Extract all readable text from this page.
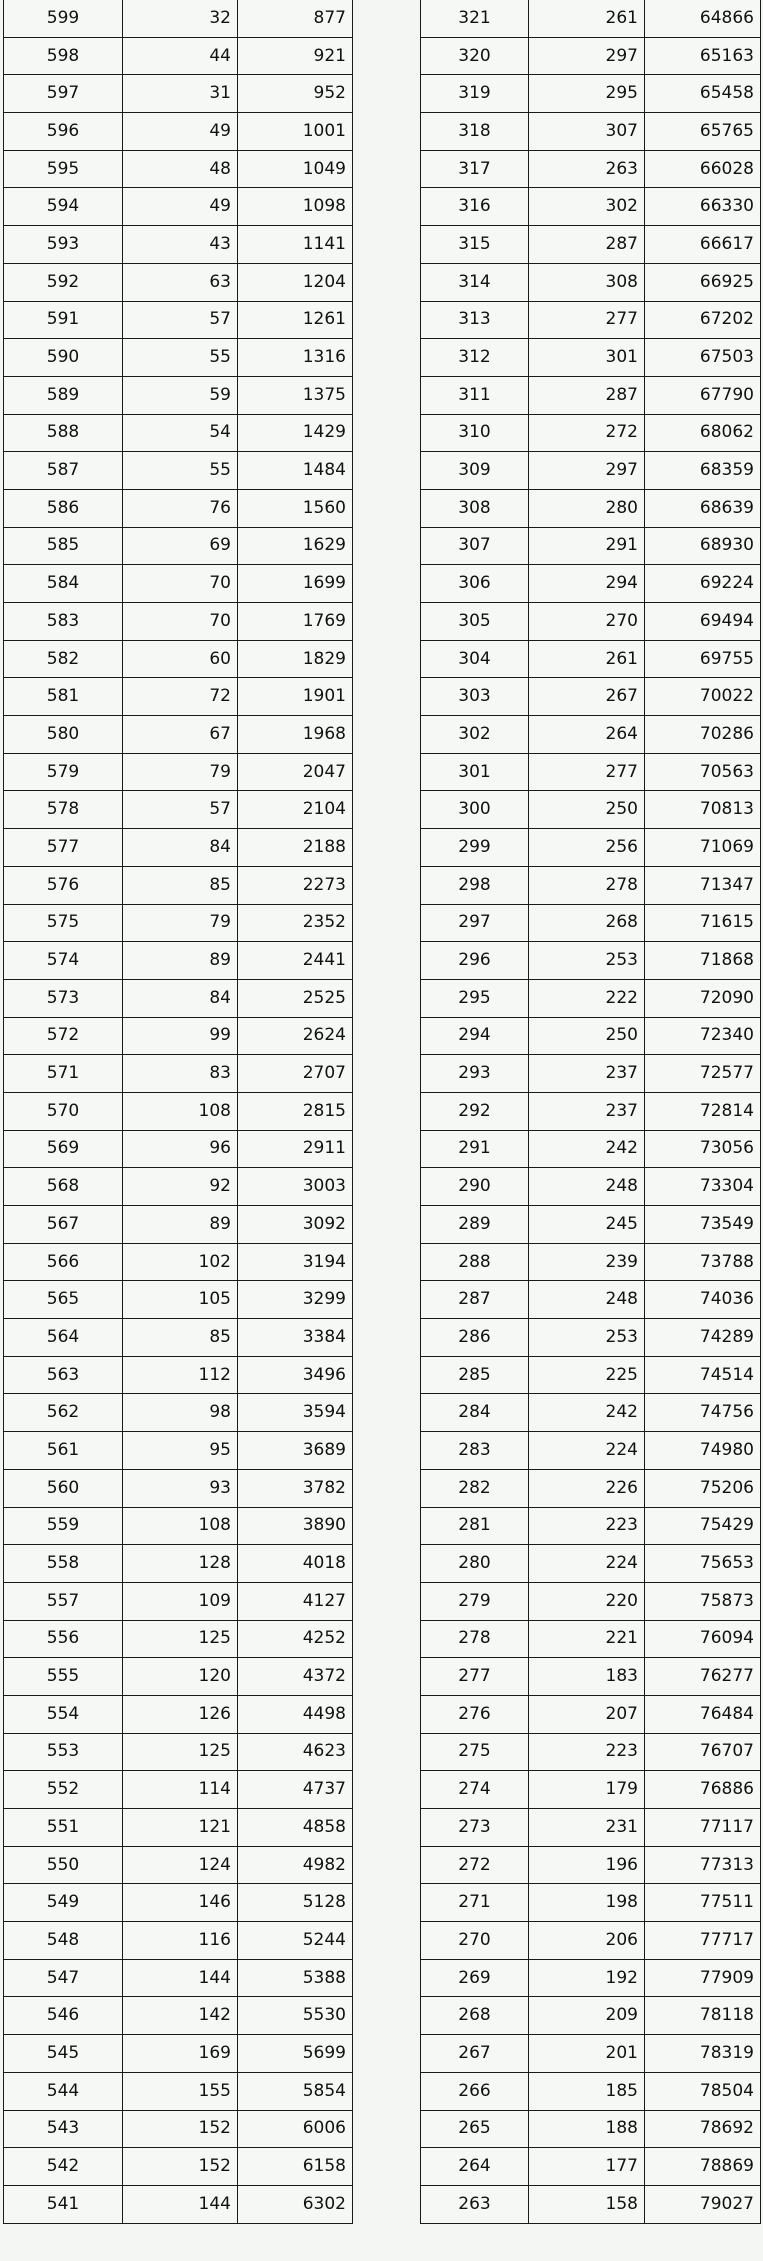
599	32	877
598	44	921
597	31	952
596	49	1001
595	48	1049
594	49	1098
593	43	1141
592	63	1204
591	57	1261
590	55	1316
589	59	1375
588	54	1429
587	55	1484
586	76	1560
585	69	1629
584	70	1699
583	70	1769
582	60	1829
581	72	1901
580	67	1968
579	79	2047
578	57	2104
577	84	2188
576	85	2273
575	79	2352
574	89	2441
573	84	2525
572	99	2624
571	83	2707
570	108	2815
569	96	2911
568	92	3003
567	89	3092
566	102	3194
565	105	3299
564	85	3384
563	112	3496
562	98	3594
561	95	3689
560	93	3782
559	108	3890
558	128	4018
557	109	4127
556	125	4252
555	120	4372
554	126	4498
553	125	4623
552	114	4737
551	121	4858
550	124	4982
549	146	5128
548	116	5244
547	144	5388
546	142	5530
545	169	5699
544	155	5854
543	152	6006
542	152	6158
541	144	6302
321	261	64866
320	297	65163
319	295	65458
318	307	65765
317	263	66028
316	302	66330
315	287	66617
314	308	66925
313	277	67202
312	301	67503
311	287	67790
310	272	68062
309	297	68359
308	280	68639
307	291	68930
306	294	69224
305	270	69494
304	261	69755
303	267	70022
302	264	70286
301	277	70563
300	250	70813
299	256	71069
298	278	71347
297	268	71615
296	253	71868
295	222	72090
294	250	72340
293	237	72577
292	237	72814
291	242	73056
290	248	73304
289	245	73549
288	239	73788
287	248	74036
286	253	74289
285	225	74514
284	242	74756
283	224	74980
282	226	75206
281	223	75429
280	224	75653
279	220	75873
278	221	76094
277	183	76277
276	207	76484
275	223	76707
274	179	76886
273	231	77117
272	196	77313
271	198	77511
270	206	77717
269	192	77909
268	209	78118
267	201	78319
266	185	78504
265	188	78692
264	177	78869
263	158	79027
